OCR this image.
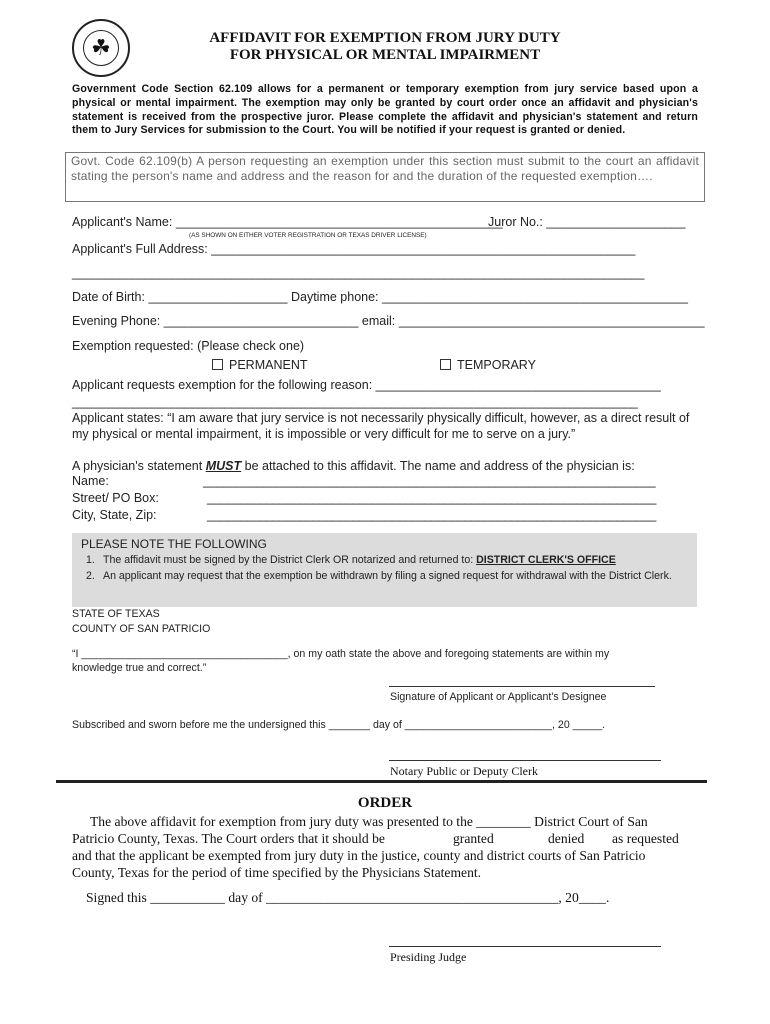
☘	AFFIDAVIT FOR EXEMPTION FROM JURY DUTY
FOR PHYSICAL OR MENTAL IMPAIRMENT
Government Code Section 62.109 allows for a permanent or temporary exemption from jury service based upon a physical or mental impairment. The exemption may only be granted by court order once an affidavit and physician's statement is received from the prospective juror. Please complete the affidavit and physician's statement and return them to Jury Services for submission to the Court. You will be notified if your request is granted or denied.
Govt. Code 62.109(b) A person requesting an exemption under this section must submit to the court an affidavit stating the person's name and address and the reason for and the duration of the requested exemption….
Applicant's Name: _______________________________________________
Juror No.: ____________________
(AS SHOWN ON EITHER VOTER REGISTRATION OR TEXAS DRIVER LICENSE)
Applicant's Full Address: _____________________________________________________________
______________________________________________________________________________________
Date of Birth: ____________________ Daytime phone: ____________________________________________
Evening Phone: ____________________________ email: ____________________________________________
Exemption requested: (Please check one)
PERMANENT	TEMPORARY
Applicant requests exemption for the following reason: _________________________________________
_____________________________________________________________________________________
Applicant states: “I am aware that jury service is not necessarily physically difficult, however, as a direct result of my physical or mental impairment, it is impossible or very difficult for me to serve on a jury.”
A physician's statement MUST be attached to this affidavit. The name and address of the physician is:
Name:	____________________________________________________________________
Street/ PO Box:	____________________________________________________________________
City, State, Zip:	____________________________________________________________________
PLEASE NOTE THE FOLLOWING
1. The affidavit must be signed by the District Clerk OR notarized and returned to: DISTRICT CLERK'S OFFICE
2. An applicant may request that the exemption be withdrawn by filing a signed request for withdrawal with the District Clerk.
STATE OF TEXAS
COUNTY OF SAN PATRICIO
“I ___________________________________, on my oath state the above and foregoing statements are within my
knowledge true and correct.”
Signature of Applicant or Applicant's Designee
Subscribed and sworn before me the undersigned this _______ day of _________________________, 20 _____.
Notary Public or Deputy Clerk
ORDER
The above affidavit for exemption from jury duty was presented to the ________ District Court of San
Patricio County, Texas. The Court orders that it should be	granted	denied as requested
and that the applicant be exempted from jury duty in the justice, county and district courts of San Patricio
County, Texas for the period of time specified by the Physicians Statement.
Signed this ___________ day of ___________________________________________, 20____.
Presiding Judge
